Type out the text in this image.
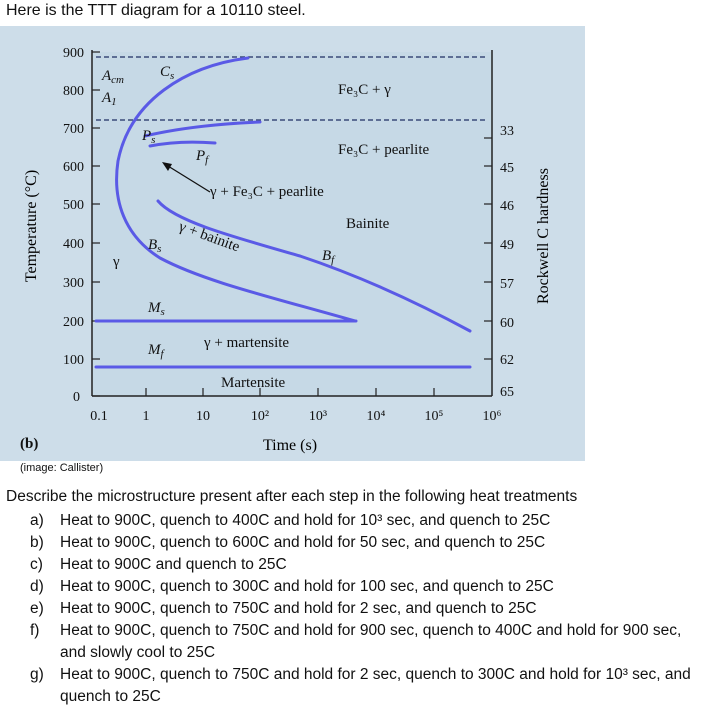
Here is the TTT diagram for a 10110 steel.
900
800
700
600
500
400
300
200
100
0
Temperature (°C)
0.1 1	10	10²	10³	10⁴	10⁵	10⁶
Time (s)
33
45
46
49
57
60
62
65
Rockwell C hardness
$A_{cm}$ $C_s$
$A_1$
$P_s$
$P_f$
$B_s$	$B_f$
$M_s$
$M_f$
Fe₃C + γ
Fe₃C + pearlite
γ + Fe₃C + pearlite
Bainite
γ + bainite
γ
γ + martensite
Martensite
(b)
(image: Callister)
Describe the microstructure present after each step in the following heat treatments
a)	Heat to 900C, quench to 400C and hold for 10³ sec, and quench to 25C
b)	Heat to 900C, quench to 600C and hold for 50 sec, and quench to 25C
c)	Heat to 900C and quench to 25C
d)	Heat to 900C, quench to 300C and hold for 100 sec, and quench to 25C
e)	Heat to 900C, quench to 750C and hold for 2 sec, and quench to 25C
f)	Heat to 900C, quench to 750C and hold for 900 sec, quench to 400C and hold for 900 sec, and slowly cool to 25C
g)	Heat to 900C, quench to 750C and hold for 2 sec, quench to 300C and hold for 10³ sec, and quench to 25C
